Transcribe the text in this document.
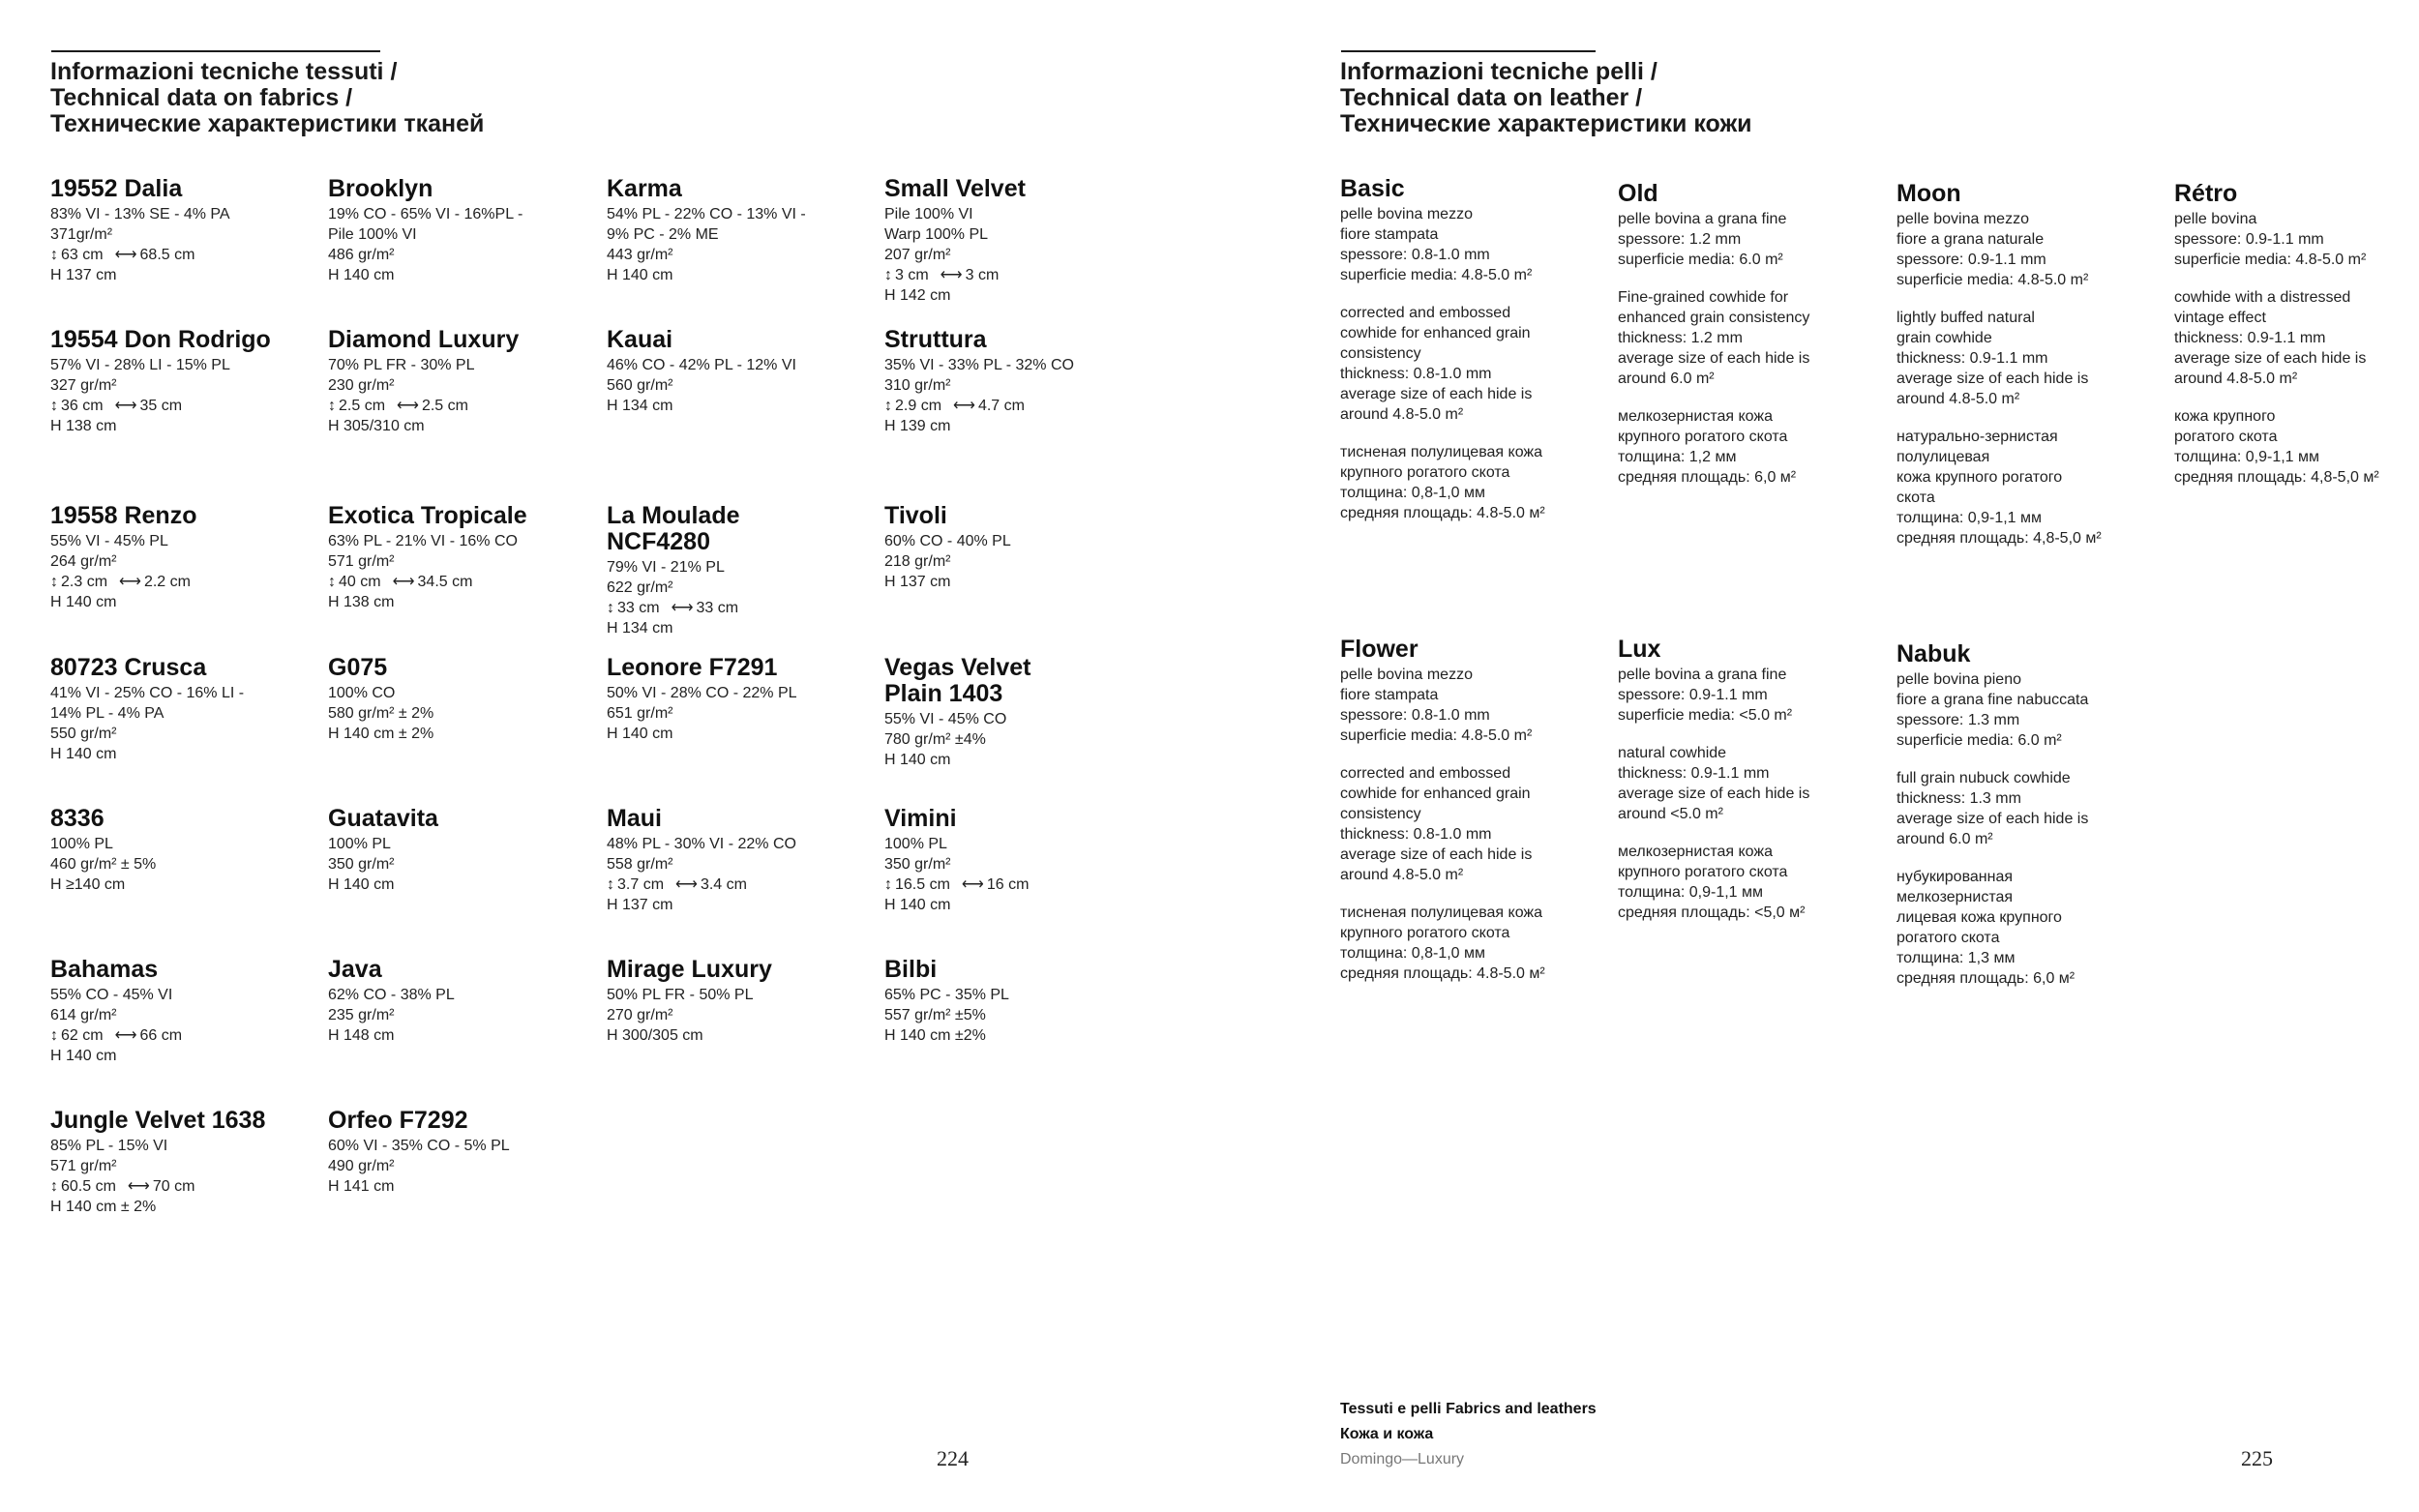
Informazioni tecniche tessuti /
Technical data on fabrics /
Технические характеристики тканей
19552 Dalia
83% VI - 13% SE - 4% PA
371gr/m²
↕ 63 cm ⟷ 68.5 cm
H 137 cm
Brooklyn
19% CO - 65% VI - 16%PL -
Pile 100% VI
486 gr/m²
H 140 cm
Karma
54% PL - 22% CO - 13% VI -
9% PC - 2% ME
443 gr/m²
H 140 cm
Small Velvet
Pile 100% VI
Warp 100% PL
207 gr/m²
↕ 3 cm ⟷ 3 cm
H 142 cm
19554 Don Rodrigo
57% VI - 28% LI - 15% PL
327 gr/m²
↕ 36 cm ⟷ 35 cm
H 138 cm
Diamond Luxury
70% PL FR - 30% PL
230 gr/m²
↕ 2.5 cm ⟷ 2.5 cm
H 305/310 cm
Kauai
46% CO - 42% PL - 12% VI
560 gr/m²
H 134 cm
Struttura
35% VI - 33% PL - 32% CO
310 gr/m²
↕ 2.9 cm ⟷ 4.7 cm
H 139 cm
19558 Renzo
55% VI - 45% PL
264 gr/m²
↕ 2.3 cm ⟷ 2.2 cm
H 140 cm
Exotica Tropicale
63% PL - 21% VI - 16% CO
571 gr/m²
↕ 40 cm ⟷ 34.5 cm
H 138 cm
La Moulade
NCF4280
79% VI - 21% PL
622 gr/m²
↕ 33 cm ⟷ 33 cm
H 134 cm
Tivoli
60% CO - 40% PL
218 gr/m²
H 137 cm
80723 Crusca
41% VI - 25% CO - 16% LI -
14% PL - 4% PA
550 gr/m²
H 140 cm
G075
100% CO
580 gr/m² ± 2%
H 140 cm ± 2%
Leonore F7291
50% VI - 28% CO - 22% PL
651 gr/m²
H 140 cm
Vegas Velvet
Plain 1403
55% VI - 45% CO
780 gr/m² ±4%
H 140 cm
8336
100% PL
460 gr/m² ± 5%
H ≥140 cm
Guatavita
100% PL
350 gr/m²
H 140 cm
Maui
48% PL - 30% VI - 22% CO
558 gr/m²
↕ 3.7 cm ⟷ 3.4 cm
H 137 cm
Vimini
100% PL
350 gr/m²
↕ 16.5 cm ⟷ 16 cm
H 140 cm
Bahamas
55% CO - 45% VI
614 gr/m²
↕ 62 cm ⟷ 66 cm
H 140 cm
Java
62% CO - 38% PL
235 gr/m²
H 148 cm
Mirage Luxury
50% PL FR - 50% PL
270 gr/m²
H 300/305 cm
Bilbi
65% PC - 35% PL
557 gr/m² ±5%
H 140 cm ±2%
Jungle Velvet 1638
85% PL - 15% VI
571 gr/m²
↕ 60.5 cm ⟷ 70 cm
H 140 cm ± 2%
Orfeo F7292
60% VI - 35% CO - 5% PL
490 gr/m²
H 141 cm
224
Informazioni tecniche pelli /
Technical data on leather /
Технические характеристики кожи
Basic
pelle bovina mezzo
fiore stampata
spessore: 0.8-1.0 mm
superficie media: 4.8-5.0 m²
corrected and embossed
cowhide for enhanced grain
consistency
thickness: 0.8-1.0 mm
average size of each hide is
around 4.8-5.0 m²
тисненая полулицевая кожа
крупного рогатого скота
толщина: 0,8-1,0 мм
средняя площадь: 4.8-5.0 м²
Old
pelle bovina a grana fine
spessore: 1.2 mm
superficie media: 6.0 m²
Fine-grained cowhide for
enhanced grain consistency
thickness: 1.2 mm
average size of each hide is
around 6.0 m²
мелкозернистая кожа
крупного рогатого скота
толщина: 1,2 мм
средняя площадь: 6,0 м²
Moon
pelle bovina mezzo
fiore a grana naturale
spessore: 0.9-1.1 mm
superficie media: 4.8-5.0 m²
lightly buffed natural
grain cowhide
thickness: 0.9-1.1 mm
average size of each hide is
around 4.8-5.0 m²
натурально-зернистая
полулицевая
кожа крупного рогатого
скота
толщина: 0,9-1,1 мм
средняя площадь: 4,8-5,0 м²
Rétro
pelle bovina
spessore: 0.9-1.1 mm
superficie media: 4.8-5.0 m²
cowhide with a distressed
vintage effect
thickness: 0.9-1.1 mm
average size of each hide is
around 4.8-5.0 m²
кожа крупного
рогатого скота
толщина: 0,9-1,1 мм
средняя площадь: 4,8-5,0 м²
Flower
pelle bovina mezzo
fiore stampata
spessore: 0.8-1.0 mm
superficie media: 4.8-5.0 m²
corrected and embossed
cowhide for enhanced grain
consistency
thickness: 0.8-1.0 mm
average size of each hide is
around 4.8-5.0 m²
тисненая полулицевая кожа
крупного рогатого скота
толщина: 0,8-1,0 мм
средняя площадь: 4.8-5.0 м²
Lux
pelle bovina a grana fine
spessore: 0.9-1.1 mm
superficie media: <5.0 m²
natural cowhide
thickness: 0.9-1.1 mm
average size of each hide is
around <5.0 m²
мелкозернистая кожа
крупного рогатого скота
толщина: 0,9-1,1 мм
средняя площадь: <5,0 м²
Nabuk
pelle bovina pieno
fiore a grana fine nabuccata
spessore: 1.3 mm
superficie media: 6.0 m²
full grain nubuck cowhide
thickness: 1.3 mm
average size of each hide is
around 6.0 m²
нубукированная
мелкозернистая
лицевая кожа крупного
рогатого скота
толщина: 1,3 мм
средняя площадь: 6,0 м²
Tessuti e pelli Fabrics and leathers
Кожа и кожа
Domingo—Luxury	225
